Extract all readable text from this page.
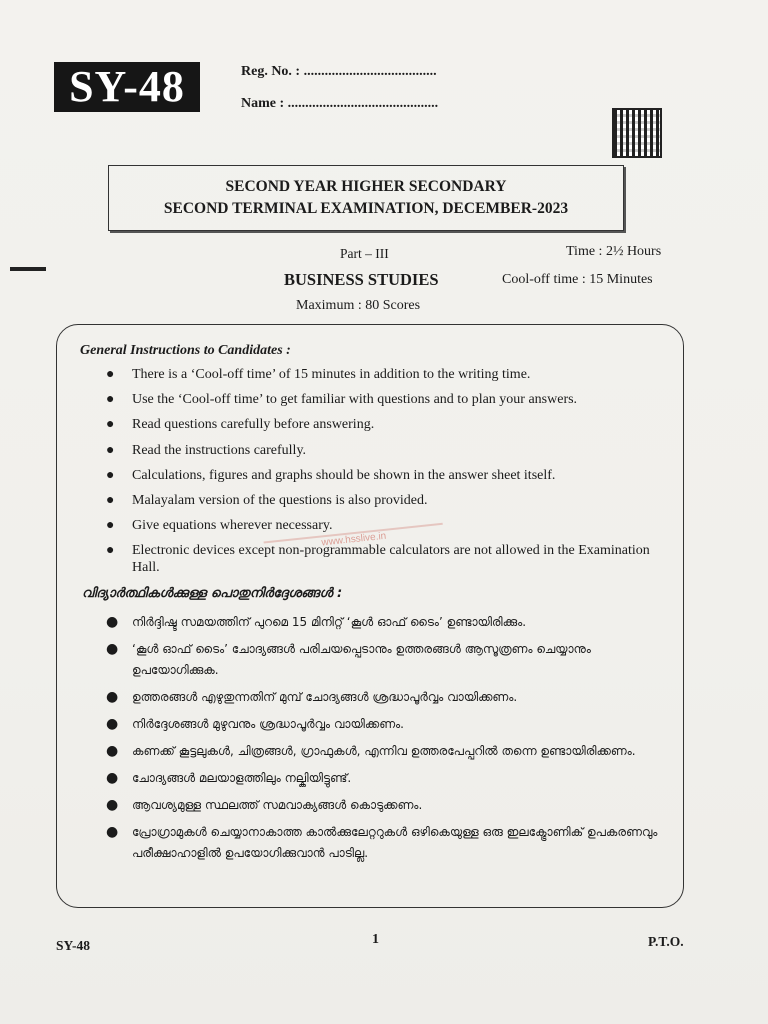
SY-48	Reg. No. : ......................................
Name : ...........................................
SECOND YEAR HIGHER SECONDARY
SECOND TERMINAL EXAMINATION, DECEMBER-2023
Part – III	Time : 2½ Hours
BUSINESS STUDIES	Cool-off time : 15 Minutes
Maximum : 80 Scores
General Instructions to Candidates :
● There is a ‘Cool-off time’ of 15 minutes in addition to the writing time.
● Use the ‘Cool-off time’ to get familiar with questions and to plan your answers.
● Read questions carefully before answering.
● Read the instructions carefully.
● Calculations, figures and graphs should be shown in the answer sheet itself.
● Malayalam version of the questions is also provided.
● Give equations wherever necessary.
● Electronic devices except non-programmable calculators are not allowed in the Examination Hall.
www.hsslive.in
വിദ്യാർത്ഥികൾക്കുള്ള പൊതുനിർദ്ദേശങ്ങൾ :
● നിർദ്ദിഷ്ട സമയത്തിന് പുറമെ 15 മിനിറ്റ് ‘കൂൾ ഓഫ് ടൈം’ ഉണ്ടായിരിക്കും.
● ‘കൂൾ ഓഫ് ടൈം’ ചോദ്യങ്ങൾ പരിചയപ്പെടാനും ഉത്തരങ്ങൾ ആസൂത്രണം ചെയ്യാനും ഉപയോഗിക്കുക.
● ഉത്തരങ്ങൾ എഴുതുന്നതിന് മുമ്പ് ചോദ്യങ്ങൾ ശ്രദ്ധാപൂർവ്വം വായിക്കണം.
● നിർദ്ദേശങ്ങൾ മുഴുവനും ശ്രദ്ധാപൂർവ്വം വായിക്കണം.
● കണക്ക് കൂട്ടലുകൾ, ചിത്രങ്ങൾ, ഗ്രാഫുകൾ, എന്നിവ ഉത്തരപേപ്പറിൽ തന്നെ ഉണ്ടായിരിക്കണം.
● ചോദ്യങ്ങൾ മലയാളത്തിലും നല്കിയിട്ടുണ്ട്.
● ആവശ്യമുള്ള സ്ഥലത്ത് സമവാക്യങ്ങൾ കൊടുക്കണം.
● പ്രോഗ്രാമുകൾ ചെയ്യാനാകാത്ത കാൽക്കുലേറ്ററുകൾ ഒഴികെയുള്ള ഒരു ഇലക്ട്രോണിക് ഉപകരണവും പരീക്ഷാഹാളിൽ ഉപയോഗിക്കുവാൻ പാടില്ല.
SY-48	1	P.T.O.
